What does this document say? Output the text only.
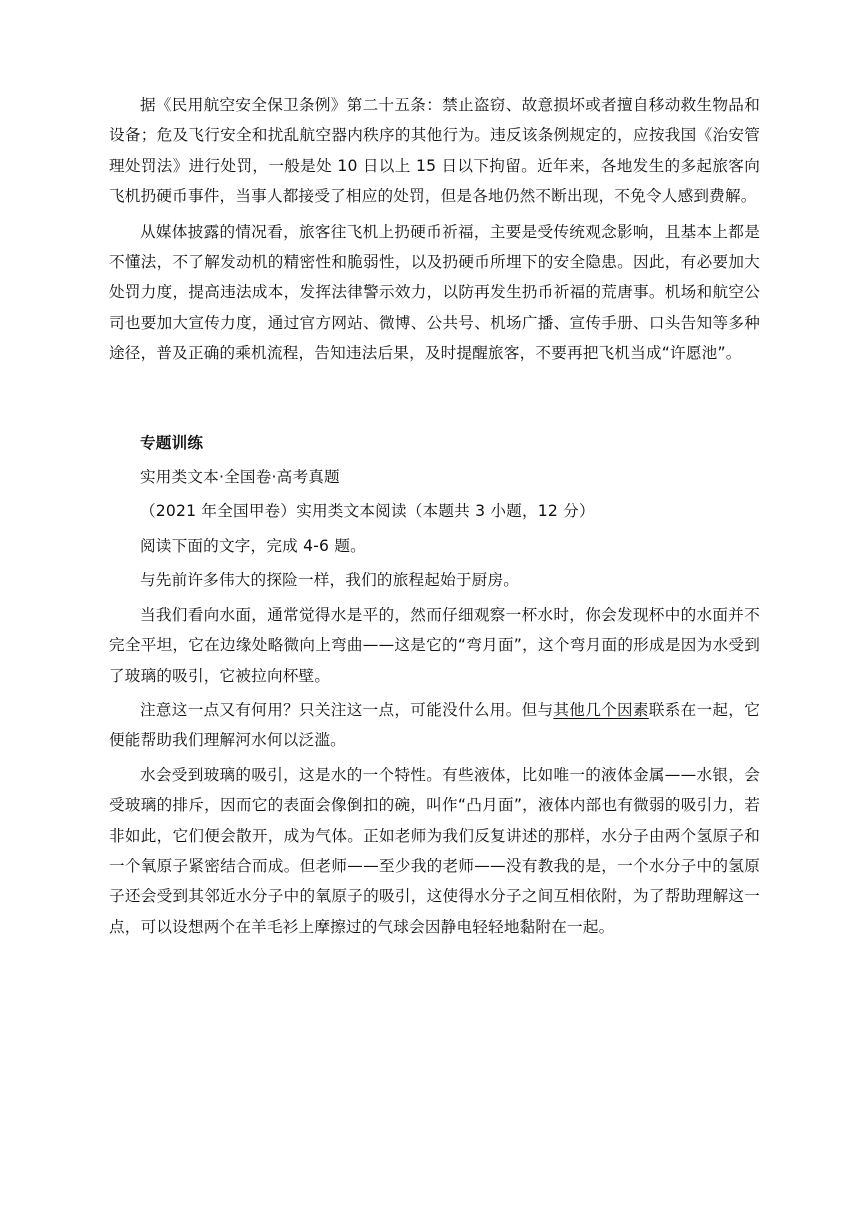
据《民用航空安全保卫条例》第二十五条：禁止盗窃、故意损坏或者擅自移动救生物品和设备；危及飞行安全和扰乱航空器内秩序的其他行为。违反该条例规定的，应按我国《治安管理处罚法》进行处罚，一般是处 10 日以上 15 日以下拘留。近年来，各地发生的多起旅客向飞机扔硬币事件，当事人都接受了相应的处罚，但是各地仍然不断出现，不免令人感到费解。

从媒体披露的情况看，旅客往飞机上扔硬币祈福，主要是受传统观念影响，且基本上都是不懂法，不了解发动机的精密性和脆弱性，以及扔硬币所埋下的安全隐患。因此，有必要加大处罚力度，提高违法成本，发挥法律警示效力，以防再发生扔币祈福的荒唐事。机场和航空公司也要加大宣传力度，通过官方网站、微博、公共号、机场广播、宣传手册、口头告知等多种途径，普及正确的乘机流程，告知违法后果，及时提醒旅客，不要再把飞机当成“许愿池”。

专题训练

实用类文本·全国卷·高考真题

（2021 年全国甲卷）实用类文本阅读（本题共 3 小题，12 分）

阅读下面的文字，完成 4-6 题。

与先前许多伟大的探险一样，我们的旅程起始于厨房。

当我们看向水面，通常觉得水是平的，然而仔细观察一杯水时，你会发现杯中的水面并不完全平坦，它在边缘处略微向上弯曲——这是它的“弯月面”，这个弯月面的形成是因为水受到了玻璃的吸引，它被拉向杯壁。

注意这一点又有何用？只关注这一点，可能没什么用。但与其他几个因素联系在一起，它便能帮助我们理解河水何以泛滥。

水会受到玻璃的吸引，这是水的一个特性。有些液体，比如唯一的液体金属——水银，会受玻璃的排斥，因而它的表面会像倒扣的碗，叫作“凸月面”，液体内部也有微弱的吸引力，若非如此，它们便会散开，成为气体。正如老师为我们反复讲述的那样，水分子由两个氢原子和一个氧原子紧密结合而成。但老师——至少我的老师——没有教我的是，一个水分子中的氢原子还会受到其邻近水分子中的氧原子的吸引，这使得水分子之间互相依附，为了帮助理解这一点，可以设想两个在羊毛衫上摩擦过的气球会因静电轻轻地黏附在一起。
